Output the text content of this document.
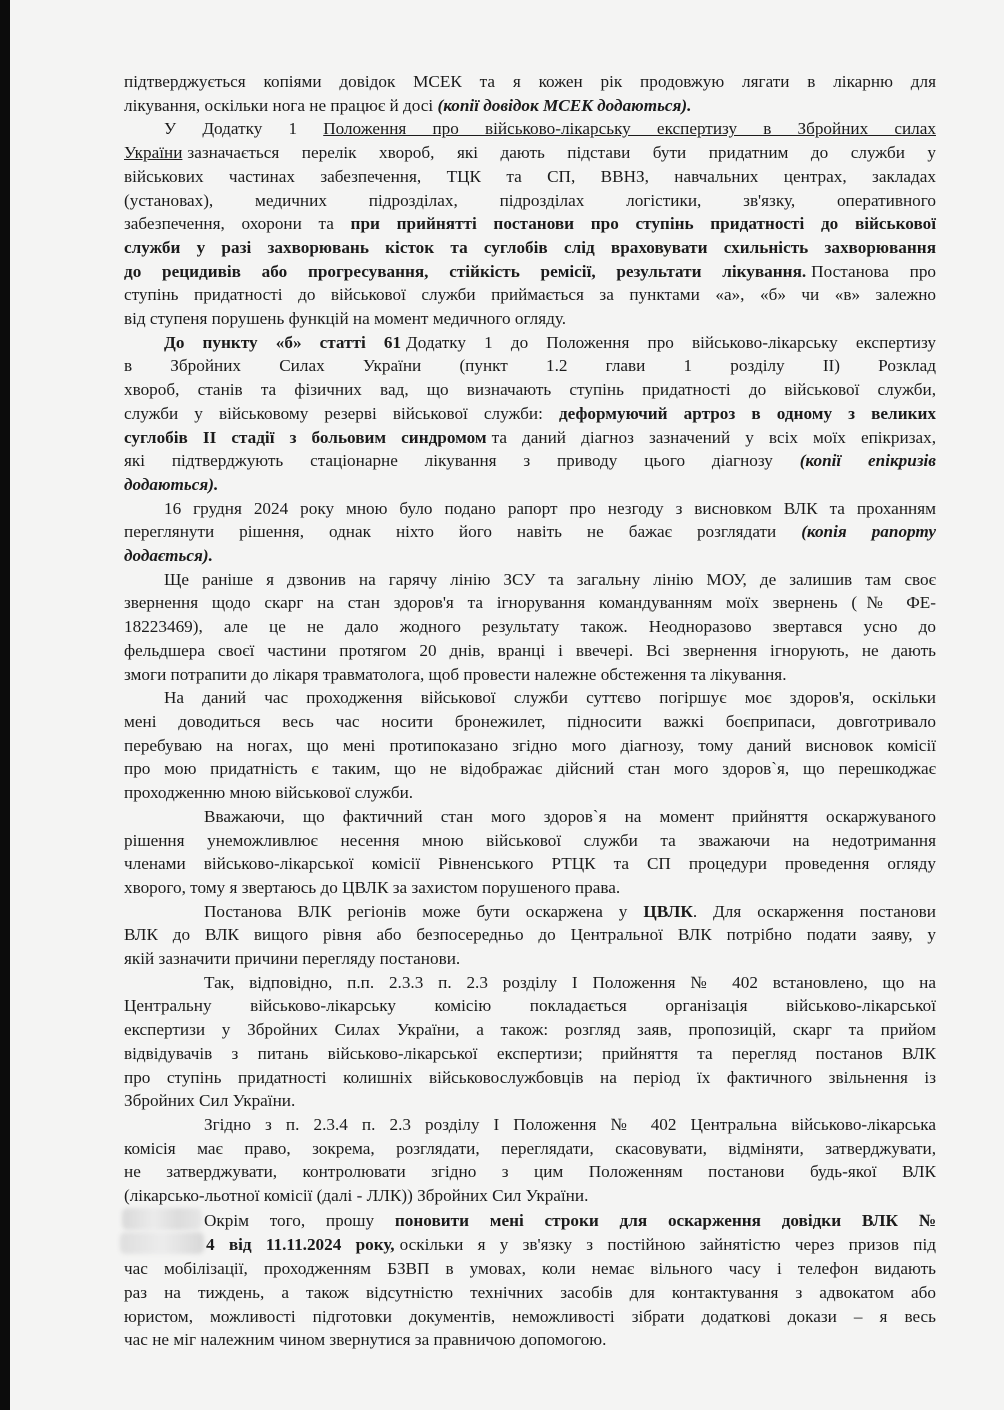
підтверджується копіями довідок МСЕК та я кожен рік продовжую лягати в лікарню для
лікування, оскільки нога не працює й досі (копії довідок МСЕК додаються).
У Додатку 1 Положення про військово-лікарську експертизу в Збройних силах
України зазначається перелік хвороб, які дають підстави бути придатним до служби у
військових частинах забезпечення, ТЦК та СП, ВВНЗ, навчальних центрах, закладах
(установах), медичних підрозділах, підрозділах логістики, зв'язку, оперативного
забезпечення, охорони та при прийнятті постанови про ступінь придатності до військової
служби у разі захворювань кісток та суглобів слід враховувати схильність захворювання
до рецидивів або прогресування, стійкість ремісії, результати лікування. Постанова про
ступінь придатності до військової служби приймається за пунктами «а», «б» чи «в» залежно
від ступеня порушень функцій на момент медичного огляду.
До пункту «б» статті 61 Додатку 1 до Положення про військово-лікарську експертизу
в Збройних Силах України (пункт 1.2 глави 1 розділу II) Розклад
хвороб, станів та фізичних вад, що визначають ступінь придатності до військової служби,
служби у військовому резерві військової служби: деформуючий артроз в одному з великих
суглобів II стадії з больовим синдромом та даний діагноз зазначений у всіх моїх епікризах,
які підтверджують стаціонарне лікування з приводу цього діагнозу (копії епікризів
додаються).
16 грудня 2024 року мною було подано рапорт про незгоду з висновком ВЛК та проханням
переглянути рішення, однак ніхто його навіть не бажає розглядати (копія рапорту
додається).
Ще раніше я дзвонив на гарячу лінію ЗСУ та загальну лінію МОУ, де залишив там своє
звернення щодо скарг на стан здоров'я та ігнорування командуванням моїх звернень (№ ФЕ-
18223469), але це не дало жодного результату також. Неодноразово звертався усно до
фельдшера своєї частини протягом 20 днів, вранці і ввечері. Всі звернення ігнорують, не дають
змоги потрапити до лікаря травматолога, щоб провести належне обстеження та лікування.
На даний час проходження військової служби суттєво погіршує моє здоров'я, оскільки
мені доводиться весь час носити бронежилет, підносити важкі боєприпаси, довготривало
перебуваю на ногах, що мені протипоказано згідно мого діагнозу, тому даний висновок комісії
про мою придатність є таким, що не відображає дійсний стан мого здоров`я, що перешкоджає
проходженню мною військової служби.
Вважаючи, що фактичний стан мого здоров`я на момент прийняття оскаржуваного
рішення унеможливлює несення мною військової служби та зважаючи на недотримання
членами військово-лікарської комісії Рівненського РТЦК та СП процедури проведення огляду
хворого, тому я звертаюсь до ЦВЛК за захистом порушеного права.
Постанова ВЛК регіонів може бути оскаржена у ЦВЛК. Для оскарження постанови
ВЛК до ВЛК вищого рівня або безпосередньо до Центральної ВЛК потрібно подати заяву, у
якій зазначити причини перегляду постанови.
Так, відповідно, п.п. 2.3.3 п. 2.3 розділу I Положення № 402 встановлено, що на
Центральну військово-лікарську комісію покладається організація військово-лікарської
експертизи у Збройних Силах України, а також: розгляд заяв, пропозицій, скарг та прийом
відвідувачів з питань військово-лікарської експертизи; прийняття та перегляд постанов ВЛК
про ступінь придатності колишніх військовослужбовців на період їх фактичного звільнення із
Збройних Сил України.
Згідно з п. 2.3.4 п. 2.3 розділу I Положення № 402 Центральна військово-лікарська
комісія має право, зокрема, розглядати, переглядати, скасовувати, відміняти, затверджувати,
не затверджувати, контролювати згідно з цим Положенням постанови будь-якої ВЛК
(лікарсько-льотної комісії (далі - ЛЛК)) Збройних Сил України.
Окрім того, прошу поновити мені строки для оскарження довідки ВЛК №
4 від 11.11.2024 року, оскільки я у зв'язку з постійною зайнятістю через призов під
час мобілізації, проходженням БЗВП в умовах, коли немає вільного часу і телефон видають
раз на тиждень, а також відсутністю технічних засобів для контактування з адвокатом або
юристом, можливості підготовки документів, неможливості зібрати додаткові докази – я весь
час не міг належним чином звернутися за правничою допомогою.
